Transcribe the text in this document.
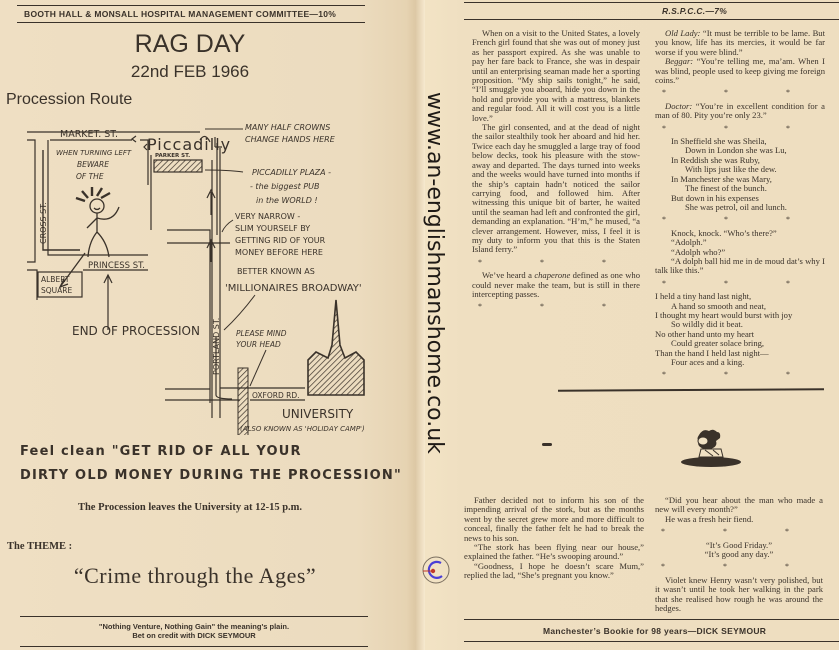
BOOTH HALL & MONSALL HOSPITAL MANAGEMENT COMMITTEE—10%
RAG DAY
22nd FEB 1966
Procession Route
MARKET. ST.
Piccadilly
PARKER ST.
CROSS ST.
PRINCESS ST.
ALBERT
SQUARE
PORTLAND ST.
OXFORD RD.
UNIVERSITY
(ALSO KNOWN AS 'HOLIDAY CAMP')
END OF PROCESSION
WHEN TURNING LEFT
BEWARE
OF THE
MANY HALF CROWNS
CHANGE HANDS HERE
PICCADILLY PLAZA -
- the biggest PUB
in the WORLD !
VERY NARROW -
SLIM YOURSELF BY
GETTING RID OF YOUR
MONEY BEFORE HERE
BETTER KNOWN AS
'MILLIONAIRES BROADWAY'
PLEASE MIND
YOUR HEAD
Feel clean "GET RID OF ALL YOUR
DIRTY OLD MONEY DURING THE PROCESSION"
The Procession leaves the University at 12-15 p.m.
The THEME :
“Crime through the Ages”
"Nothing Venture, Nothing Gain" the meaning's plain.
Bet on credit with DICK SEYMOUR
R.S.P.C.C.—7%

When on a visit to the United States, a lovely French girl found that she was out of money just as her passport expired. As she was unable to pay her fare back to France, she was in despair until an enterprising seaman made her a sporting proposition. “My ship sails tonight,” he said, “I’ll smuggle you aboard, hide you down in the hold and provide you with a mattress, blankets and regular food. All it will cost you is a little love.”

The girl consented, and at the dead of night the sailor stealthily took her aboard and hid her. Twice each day he smuggled a large tray of food below decks, took his pleasure with the stow-away and departed. The days turned into weeks and the weeks would have turned into months if the ship’s captain hadn’t noticed the sailor carrying food, and followed him. After witnessing this unique bit of barter, he waited until the seaman had left and confronted the girl, demanding an explanation. “H’m,” he mused, “a clever arrangement. However, miss, I feel it is my duty to inform you that this is the Staten Island ferry.”

* * *

We’ve heard a chaperone defined as one who could never make the team, but is still in there intercepting passes.

* * *

Old Lady: “It must be terrible to be lame. But you know, life has its mercies, it would be far worse if you were blind.”

Beggar: “You’re telling me, ma’am. When I was blind, people used to keep giving me foreign coins.”

* * *

Doctor: “You’re in excellent condition for a man of 80. Pity you’re only 23.”

* * *
In Sheffield she was Sheila,
Down in London she was Lu,
In Reddish she was Ruby,
With lips just like the dew.
In Manchester she was Mary,
The finest of the bunch.
But down in his expenses
She was petrol, oil and lunch.
* * *
Knock, knock. “Who’s there?”
“Adolph.”
“Adolph who?”
“A dolph ball hid me in de moud dat’s why I talk like this.”
* * *
I held a tiny hand last night,
A hand so smooth and neat,
I thought my heart would burst with joy
So wildly did it beat.
No other hand unto my heart
Could greater solace bring,
Than the hand I held last night—
Four aces and a king.
* * *

Father decided not to inform his son of the impending arrival of the stork, but as the months went by the secret grew more and more difficult to conceal, finally the father felt he had to break the news to his son.

“The stork has been flying near our house,” explained the father. “He’s swooping around.”

“Goodness, I hope he doesn’t scare Mum,” replied the lad, “She’s pregnant you know.”

“Did you hear about the man who made a new will every month?”

He was a fresh heir fiend.

* * *
“It’s Good Friday.”
“It’s good any day.”
* * *

Violet knew Henry wasn’t very polished, but it wasn’t until he took her walking in the park that she realised how rough he was around the hedges.

Manchester’s Bookie for 98 years—DICK SEYMOUR
www.an-englishmanshome.co.uk
